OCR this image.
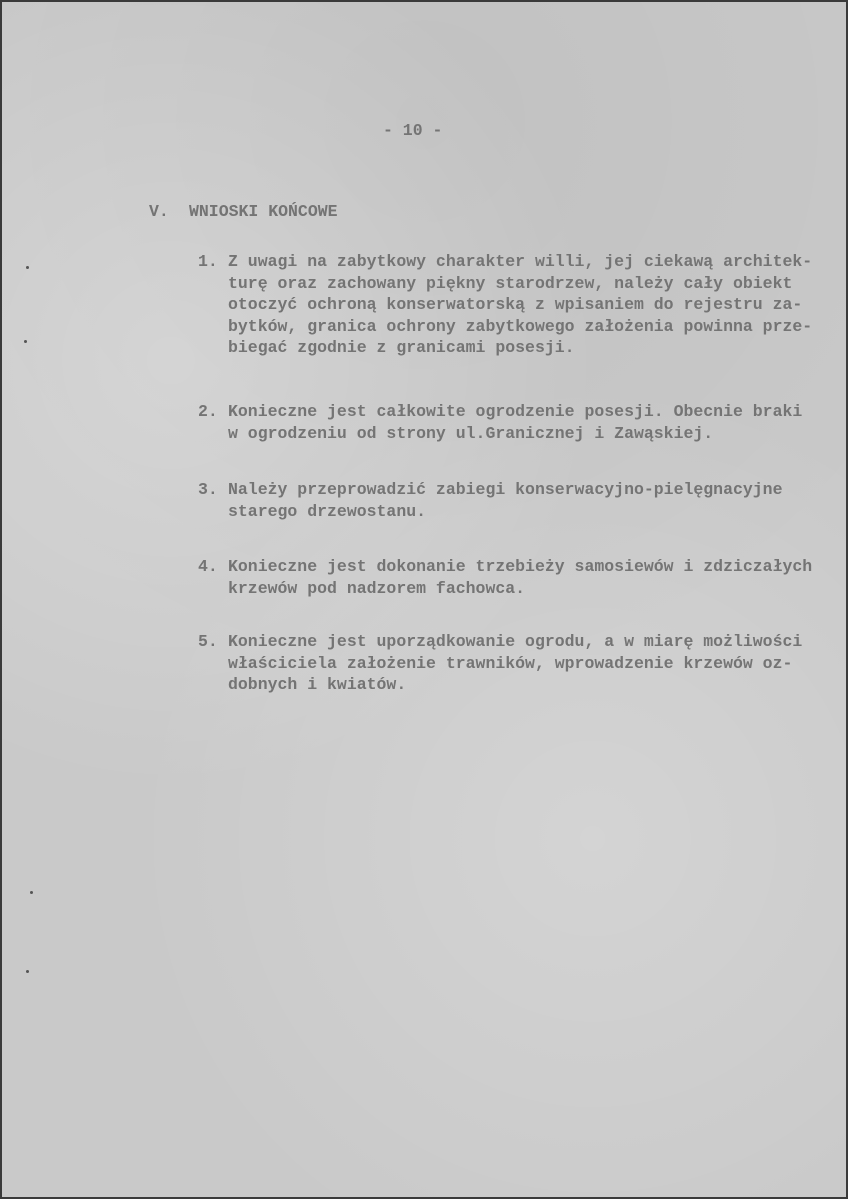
- 10 -
V.	WNIOSKI KOŃCOWE
1. Z uwagi na zabytkowy charakter willi, jej ciekawą architek-
turę oraz zachowany piękny starodrzew, należy cały obiekt
otoczyć ochroną konserwatorską z wpisaniem do rejestru za-
bytków, granica ochrony zabytkowego założenia powinna prze-
biegać zgodnie z granicami posesji.
2. Konieczne jest całkowite ogrodzenie posesji. Obecnie braki
w ogrodzeniu od strony ul.Granicznej i Zawąskiej.
3. Należy przeprowadzić zabiegi konserwacyjno-pielęgnacyjne
starego drzewostanu.
4. Konieczne jest dokonanie trzebieży samosiewów i zdziczałych
krzewów pod nadzorem fachowca.
5. Konieczne jest uporządkowanie ogrodu, a w miarę możliwości
właściciela założenie trawników, wprowadzenie krzewów oz-
dobnych i kwiatów.
